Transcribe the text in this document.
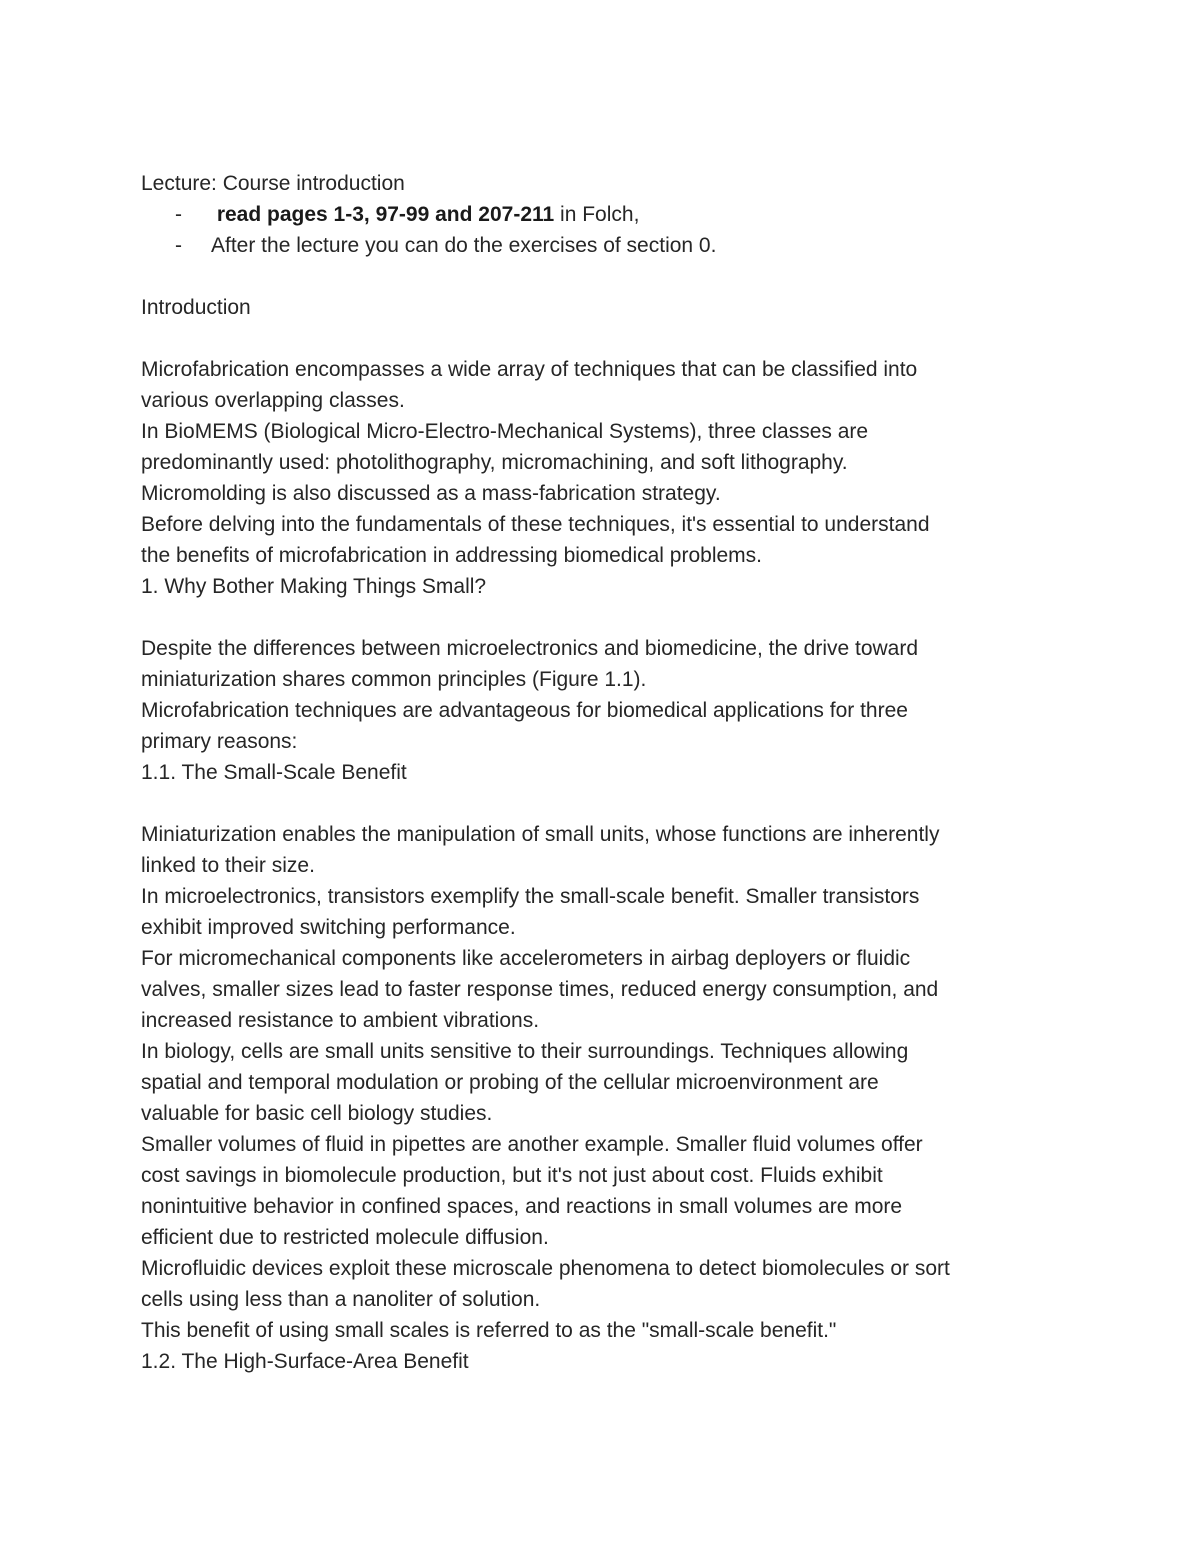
Lecture: Course introduction

- read pages 1-3, 97-99 and 207-211 in Folch,

- After the lecture you can do the exercises of section 0.

Introduction

Microfabrication encompasses a wide array of techniques that can be classified into

various overlapping classes.

In BioMEMS (Biological Micro-Electro-Mechanical Systems), three classes are

predominantly used: photolithography, micromachining, and soft lithography.

Micromolding is also discussed as a mass-fabrication strategy.

Before delving into the fundamentals of these techniques, it's essential to understand

the benefits of microfabrication in addressing biomedical problems.

1. Why Bother Making Things Small?

Despite the differences between microelectronics and biomedicine, the drive toward

miniaturization shares common principles (Figure 1.1).

Microfabrication techniques are advantageous for biomedical applications for three

primary reasons:

1.1. The Small-Scale Benefit

Miniaturization enables the manipulation of small units, whose functions are inherently

linked to their size.

In microelectronics, transistors exemplify the small-scale benefit. Smaller transistors

exhibit improved switching performance.

For micromechanical components like accelerometers in airbag deployers or fluidic

valves, smaller sizes lead to faster response times, reduced energy consumption, and

increased resistance to ambient vibrations.

In biology, cells are small units sensitive to their surroundings. Techniques allowing

spatial and temporal modulation or probing of the cellular microenvironment are

valuable for basic cell biology studies.

Smaller volumes of fluid in pipettes are another example. Smaller fluid volumes offer

cost savings in biomolecule production, but it's not just about cost. Fluids exhibit

nonintuitive behavior in confined spaces, and reactions in small volumes are more

efficient due to restricted molecule diffusion.

Microfluidic devices exploit these microscale phenomena to detect biomolecules or sort

cells using less than a nanoliter of solution.

This benefit of using small scales is referred to as the "small-scale benefit."

1.2. The High-Surface-Area Benefit
